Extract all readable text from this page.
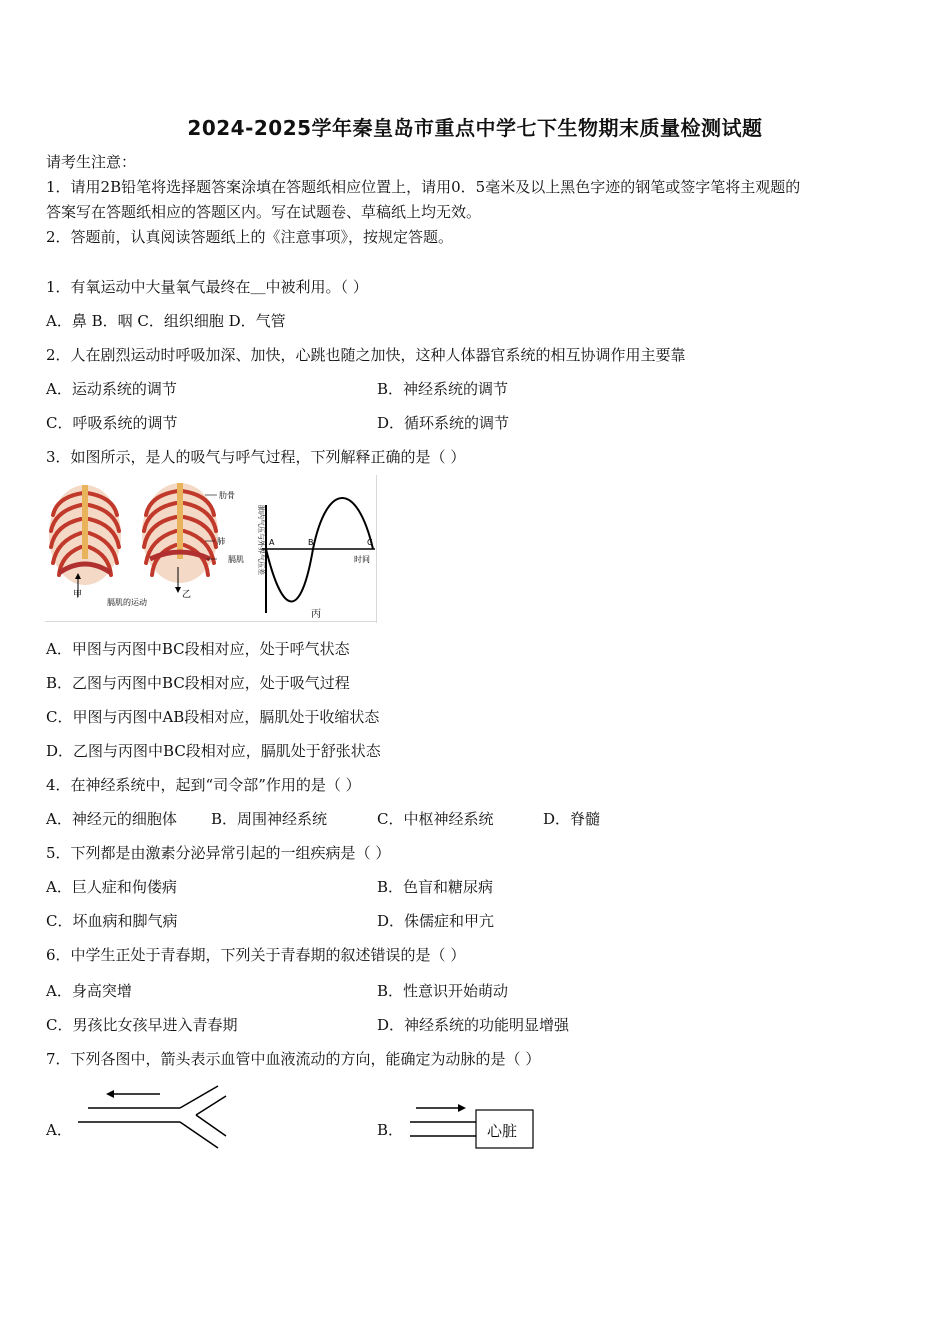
2024-2025学年秦皇岛市重点中学七下生物期末质量检测试题
请考生注意：
1．请用2B铅笔将选择题答案涂填在答题纸相应位置上，请用0．5毫米及以上黑色字迹的钢笔或签字笔将主观题的
答案写在答题纸相应的答题区内。写在试题卷、草稿纸上均无效。
2．答题前，认真阅读答题纸上的《注意事项》，按规定答题。
1．有氧运动中大量氧气最终在＿中被利用。（ ）
A．鼻 B．咽 C．组织细胞 D．气管
2．人在剧烈运动时呼吸加深、加快，心跳也随之加快，这种人体器官系统的相互协调作用主要靠
A．运动系统的调节	B．神经系统的调节
C．呼吸系统的调节	D．循环系统的调节
3．如图所示，是人的吸气与呼气过程，下列解释正确的是（ ）
甲	乙
肋骨
肺
膈肌
膈肌的运动
A	B	C
时间
丙
肺内气压与外界气压差
A．甲图与丙图中BC段相对应，处于呼气状态
B．乙图与丙图中BC段相对应，处于吸气过程
C．甲图与丙图中AB段相对应，膈肌处于收缩状态
D．乙图与丙图中BC段相对应，膈肌处于舒张状态
4．在神经系统中，起到“司令部”作用的是（ ）
A．神经元的细胞体 B．周围神经系统	C．中枢神经系统	D．脊髓
5．下列都是由激素分泌异常引起的一组疾病是（ ）
A．巨人症和佝偻病	B．色盲和糖尿病
C．坏血病和脚气病	D．侏儒症和甲亢
6．中学生正处于青春期，下列关于青春期的叙述错误的是（ ）
A．身高突增	B．性意识开始萌动
C．男孩比女孩早进入青春期	D．神经系统的功能明显增强
7．下列各图中，箭头表示血管中血液流动的方向，能确定为动脉的是（ ）
A．	B．	心脏
